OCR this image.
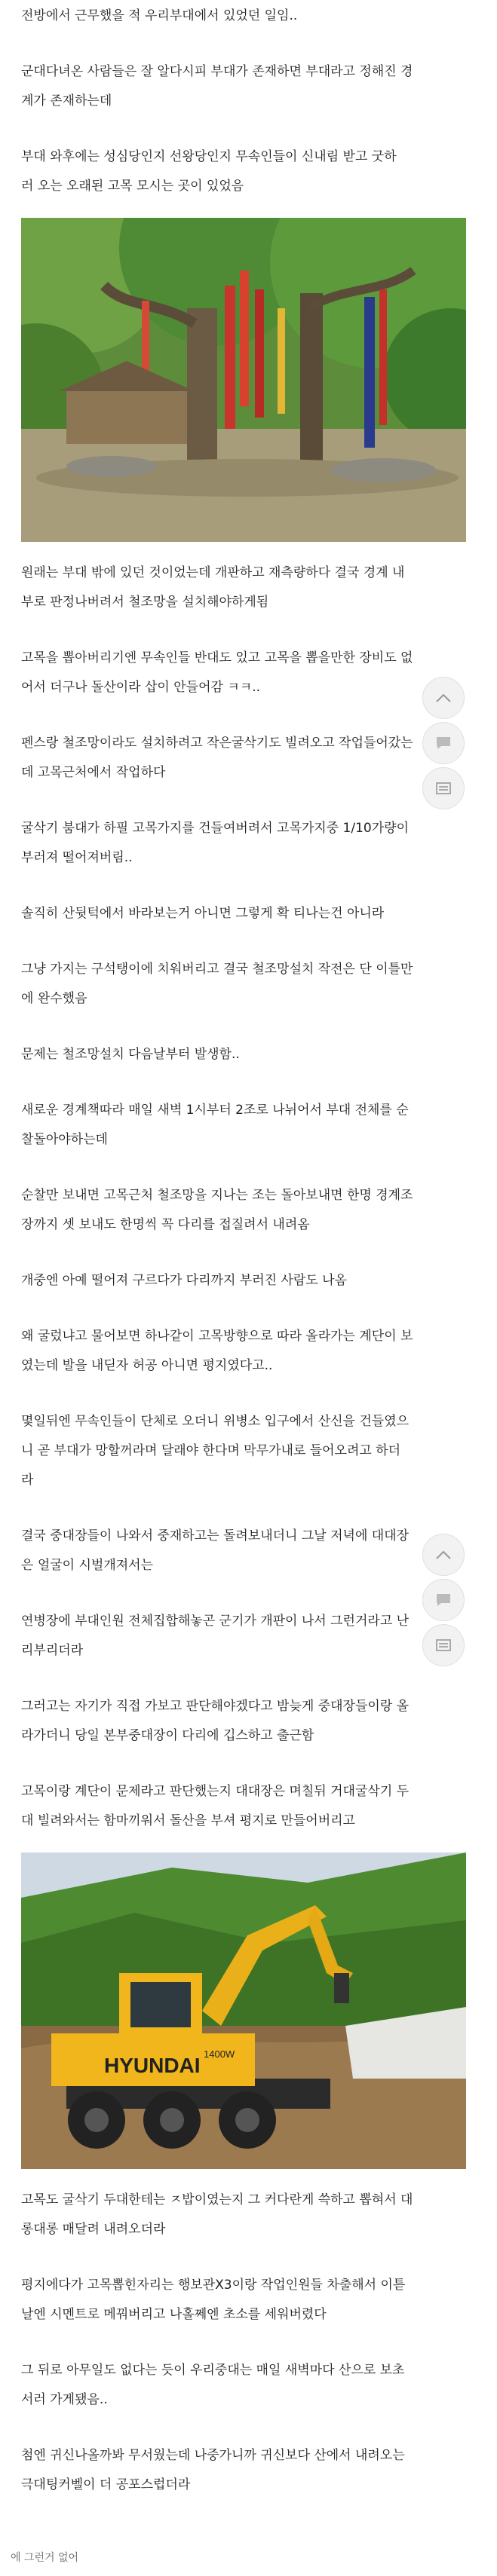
전방에서 근무했을 적 우리부대에서 있었던 일임..

군대다녀온 사람들은 잘 알다시피 부대가 존재하면 부대라고 정해진 경

계가 존재하는데

부대 와후에는 성심당인지 선왕당인지 무속인들이 신내림 받고 굿하

러 오는 오래된 고목 모시는 곳이 있었음

원래는 부대 밖에 있던 것이었는데 개판하고 재측량하다 결국 경계 내

부로 판정나버려서 철조망을 설치해야하게됨

고목을 뽑아버리기엔 무속인들 반대도 있고 고목을 뽑을만한 장비도 없

어서 더구나 돌산이라 삽이 안들어감 ㅋㅋ..

펜스랑 철조망이라도 설치하려고 작은굴삭기도 빌려오고 작업들어갔는

데 고목근처에서 작업하다

굴삭기 붐대가 하필 고목가지를 건들여버려서 고목가지중 1/10가량이

부러져 떨어져버림..

솔직히 산뒷턱에서 바라보는거 아니면 그렇게 확 티나는건 아니라

그냥 가지는 구석탱이에 치워버리고 결국 철조망설치 작전은 단 이틀만

에 완수했음

문제는 철조망설치 다음날부터 발생함..

새로운 경계책따라 매일 새벽 1시부터 2조로 나뉘어서 부대 전체를 순

찰돌아야하는데

순찰만 보내면 고목근처 철조망을 지나는 조는 돌아보내면 한명 경계조

장까지 셋 보내도 한명씩 꼭 다리를 접질려서 내려옴

개중엔 아예 떨어져 구르다가 다리까지 부러진 사람도 나옴

왜 굴렀냐고 물어보면 하나같이 고목방향으로 따라 올라가는 계단이 보

였는데 발을 내딛자 허공 아니면 평지였다고..

몇일뒤엔 무속인들이 단체로 오더니 위병소 입구에서 산신을 건들였으

니 곧 부대가 망할꺼라며 달래야 한다며 막무가내로 들어오려고 하더

라

결국 중대장들이 나와서 중재하고는 돌려보내더니 그날 저녁에 대대장

은 얼굴이 시벌개져서는

연병장에 부대인원 전체집합해놓곤 군기가 개판이 나서 그런거라고 난

리부리더라

그러고는 자기가 직접 가보고 판단해야겠다고 밤늦게 중대장들이랑 올

라가더니 당일 본부중대장이 다리에 깁스하고 출근함

고목이랑 계단이 문제라고 판단했는지 대대장은 며칠뒤 거대굴삭기 두

대 빌려와서는 함마끼워서 돌산을 부셔 평지로 만들어버리고

HYUNDAI 1400W

고목도 굴삭기 두대한테는 ㅈ밥이였는지 그 커다란게 쓱하고 뽑혀서 대

롱대롱 매달려 내려오더라

평지에다가 고목뽑힌자리는 행보관X3이랑 작업인원들 차출해서 이튿

날엔 시멘트로 메꿔버리고 나홀쩨엔 초소를 세워버렸다

그 뒤로 아무일도 없다는 듯이 우리중대는 매일 새벽마다 산으로 보초

서러 가게됐음..

첨엔 귀신나올까봐 무서웠는데 나중가니까 귀신보다 산에서 내려오는

극대팅커벨이 더 공포스럽더라

에 그런거 없어
